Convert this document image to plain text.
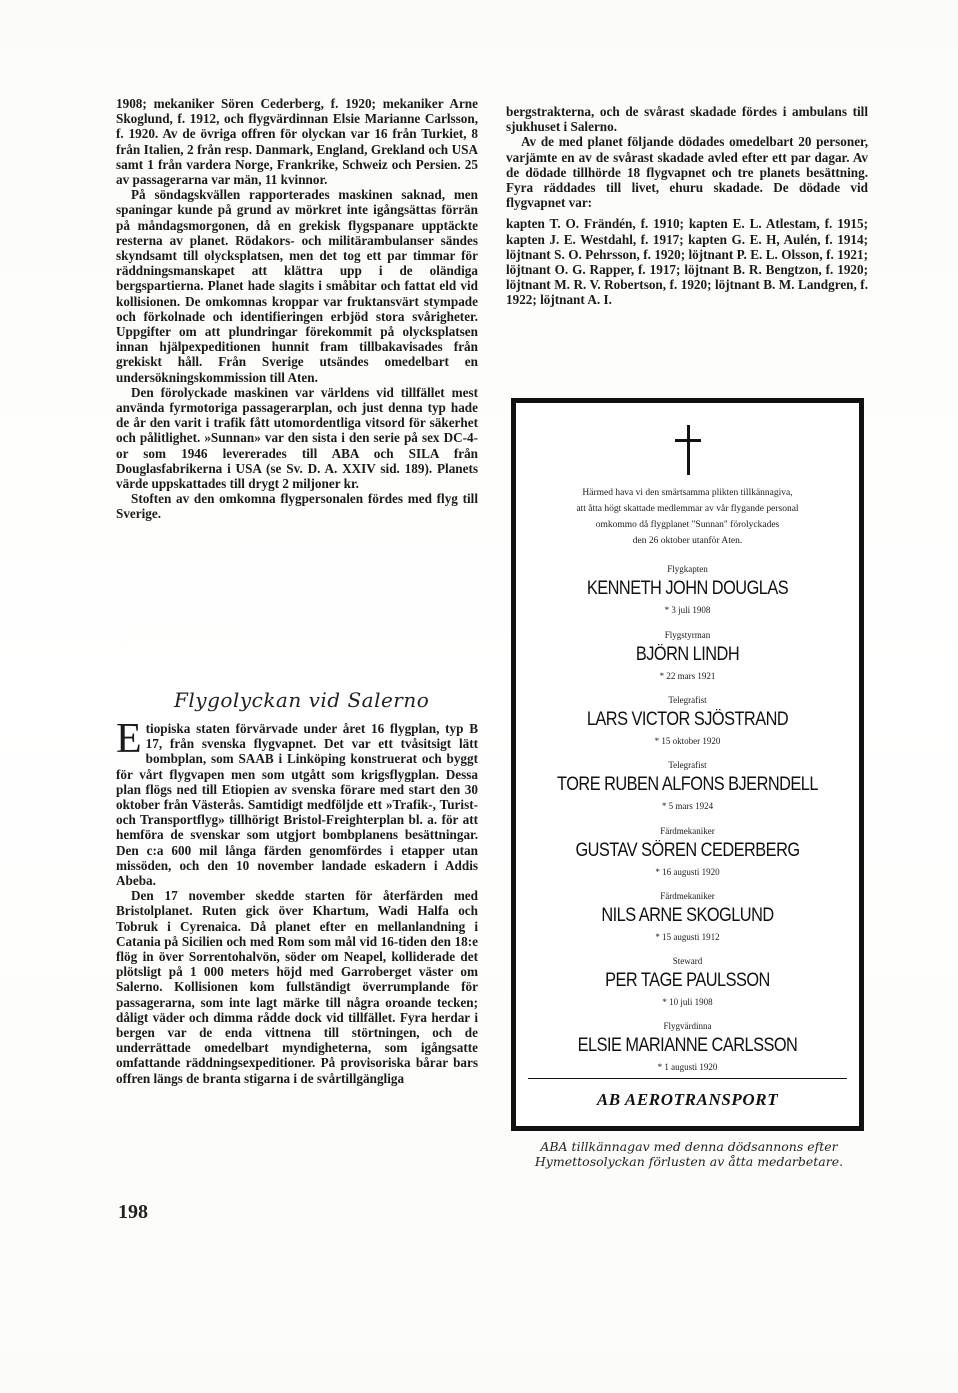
1908; mekaniker Sören Cederberg, f. 1920; mekaniker Arne Skoglund, f. 1912, och flygvärdinnan Elsie Marianne Carlsson, f. 1920. Av de övriga offren för olyckan var 16 från Turkiet, 8 från Italien, 2 från resp. Danmark, England, Grekland och USA samt 1 från vardera Norge, Frankrike, Schweiz och Persien. 25 av passagerarna var män, 11 kvinnor.

På söndagskvällen rapporterades maskinen saknad, men spaningar kunde på grund av mörkret inte igångsättas förrän på måndagsmorgonen, då en grekisk flygspanare upptäckte resterna av planet. Rödakors- och militärambulanser sändes skyndsamt till olycksplatsen, men det tog ett par timmar för räddningsmanskapet att klättra upp i de oländiga bergspartierna. Planet hade slagits i småbitar och fattat eld vid kollisionen. De omkomnas kroppar var fruktansvärt stympade och förkolnade och identifieringen erbjöd stora svårigheter. Uppgifter om att plundringar förekommit på olycksplatsen innan hjälpexpeditionen hunnit fram tillbakavisades från grekiskt håll. Från Sverige utsändes omedelbart en undersökningskommission till Aten.

Den förolyckade maskinen var världens vid tillfället mest använda fyrmotoriga passagerarplan, och just denna typ hade de år den varit i trafik fått utomordentliga vitsord för säkerhet och pålitlighet. »Sunnan» var den sista i den serie på sex DC-4-or som 1946 levererades till ABA och SILA från Douglasfabrikerna i USA (se Sv. D. A. XXIV sid. 189). Planets värde uppskattades till drygt 2 miljoner kr.

Stoften av den omkomna flygpersonalen fördes med flyg till Sverige.

Flygolyckan vid Salerno
E tiopiska staten förvärvade under året 16 flygplan, typ B 17, från svenska flygvapnet. Det var ett tvåsitsigt lätt bombplan, som SAAB i Linköping konstruerat och byggt för vårt flygvapen men som utgått som krigsflygplan. Dessa plan flögs ned till Etiopien av svenska förare med start den 30 oktober från Västerås. Samtidigt medföljde ett »Trafik-, Turist- och Transportflyg» tillhörigt Bristol-Freighterplan bl. a. för att hemföra de svenskar som utgjort bombplanens besättningar. Den c:a 600 mil långa färden genomfördes i etapper utan missöden, och den 10 november landade eskadern i Addis Abeba.

Den 17 november skedde starten för återfärden med Bristolplanet. Ruten gick över Khartum, Wadi Halfa och Tobruk i Cyrenaica. Då planet efter en mellanlandning i Catania på Sicilien och med Rom som mål vid 16-tiden den 18:e flög in över Sorrentohalvön, söder om Neapel, kolliderade det plötsligt på 1 000 meters höjd med Garroberget väster om Salerno. Kollisionen kom fullständigt överrumplande för passagerarna, som inte lagt märke till några oroande tecken; dåligt väder och dimma rådde dock vid tillfället. Fyra herdar i bergen var de enda vittnena till störtningen, och de underrättade omedelbart myndigheterna, som igångsatte omfattande räddningsexpeditioner. På provisoriska bårar bars offren längs de branta stigarna i de svårtillgängliga

198

bergstrakterna, och de svårast skadade fördes i ambulans till sjukhuset i Salerno.

Av de med planet följande dödades omedelbart 20 personer, varjämte en av de svårast skadade avled efter ett par dagar. Av de dödade tillhörde 18 flygvapnet och tre planets besättning. Fyra räddades till livet, ehuru skadade. De dödade vid flygvapnet var:

kapten T. O. Frändén, f. 1910; kapten E. L. Atlestam, f. 1915; kapten J. E. Westdahl, f. 1917; kapten G. E. H, Aulén, f. 1914; löjtnant S. O. Pehrsson, f. 1920; löjtnant P. E. L. Olsson, f. 1921; löjtnant O. G. Rapper, f. 1917; löjtnant B. R. Bengtzon, f. 1920; löjtnant M. R. V. Robertson, f. 1920; löjtnant B. M. Landgren, f. 1922; löjtnant A. I.

Härmed hava vi den smärtsamma plikten tillkännagiva,
att åtta högt skattade medlemmar av vår flygande personal
omkommo då flygplanet "Sunnan" förolyckades
den 26 oktober utanför Aten.
Flygkapten
KENNETH JOHN DOUGLAS
* 3 juli 1908
Flygstyrman
BJÖRN LINDH
* 22 mars 1921
Telegrafist
LARS VICTOR SJÖSTRAND
* 15 oktober 1920
Telegrafist
TORE RUBEN ALFONS BJERNDELL
* 5 mars 1924
Färdmekaniker
GUSTAV SÖREN CEDERBERG
* 16 augusti 1920
Färdmekaniker
NILS ARNE SKOGLUND
* 15 augusti 1912
Steward
PER TAGE PAULSSON
* 10 juli 1908
Flygvärdinna
ELSIE MARIANNE CARLSSON
* 1 augusti 1920
AB AEROTRANSPORT
ABA tillkännagav med denna dödsannons efter Hymettosolyckan förlusten av åtta medarbetare.
